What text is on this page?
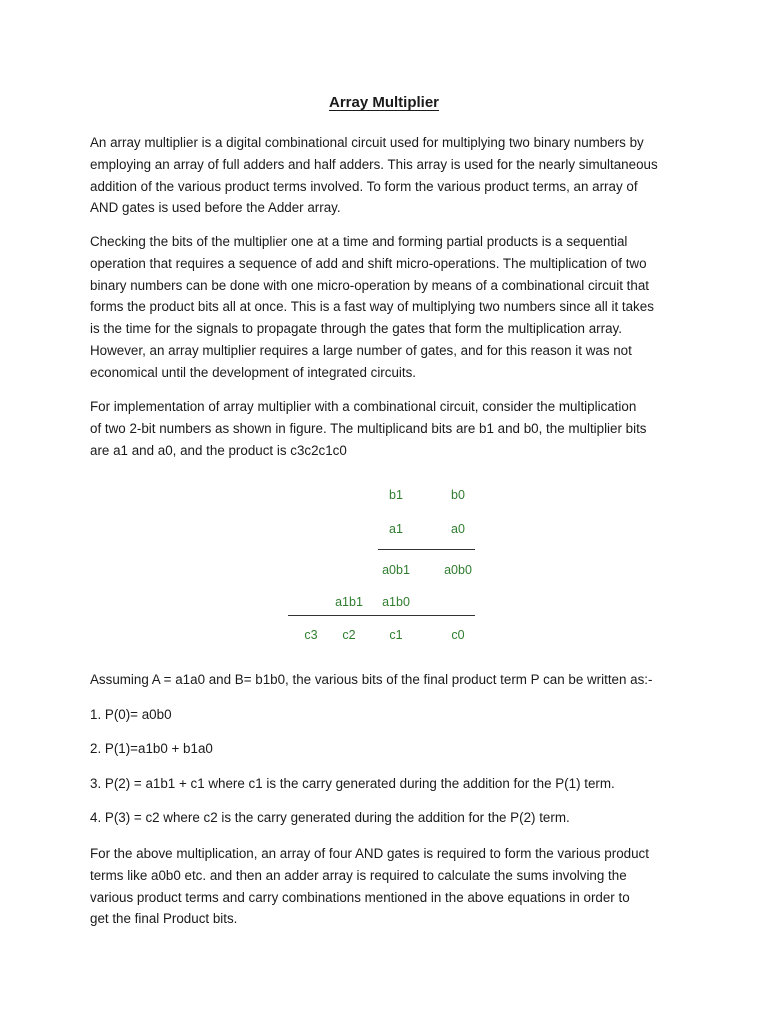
Array Multiplier
An array multiplier is a digital combinational circuit used for multiplying two binary numbers by
employing an array of full adders and half adders. This array is used for the nearly simultaneous
addition of the various product terms involved. To form the various product terms, an array of
AND gates is used before the Adder array.
Checking the bits of the multiplier one at a time and forming partial products is a sequential
operation that requires a sequence of add and shift micro-operations. The multiplication of two
binary numbers can be done with one micro-operation by means of a combinational circuit that
forms the product bits all at once. This is a fast way of multiplying two numbers since all it takes
is the time for the signals to propagate through the gates that form the multiplication array.
However, an array multiplier requires a large number of gates, and for this reason it was not
economical until the development of integrated circuits.
For implementation of array multiplier with a combinational circuit, consider the multiplication
of two 2-bit numbers as shown in figure. The multiplicand bits are b1 and b0, the multiplier bits
are a1 and a0, and the product is c3c2c1c0
b1	b0
a1	a0
a0b1	a0b0
a1b1 a1b0
c3 c2	c1	c0
Assuming A = a1a0 and B= b1b0, the various bits of the final product term P can be written as:-
1. P(0)= a0b0
2. P(1)=a1b0 + b1a0
3. P(2) = a1b1 + c1 where c1 is the carry generated during the addition for the P(1) term.
4. P(3) = c2 where c2 is the carry generated during the addition for the P(2) term.
For the above multiplication, an array of four AND gates is required to form the various product
terms like a0b0 etc. and then an adder array is required to calculate the sums involving the
various product terms and carry combinations mentioned in the above equations in order to
get the final Product bits.
